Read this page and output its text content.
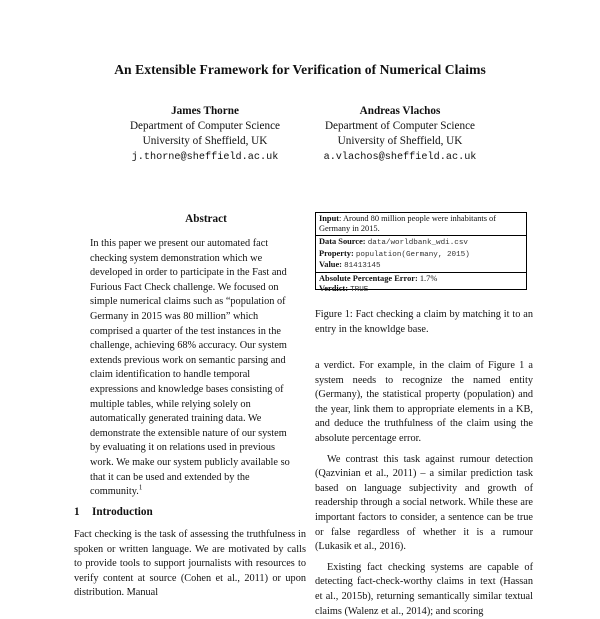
An Extensible Framework for Verification of Numerical Claims
James Thorne
Department of Computer Science
University of Sheffield, UK
j.thorne@sheffield.ac.uk
Andreas Vlachos
Department of Computer Science
University of Sheffield, UK
a.vlachos@sheffield.ac.uk
Abstract
In this paper we present our automated fact checking system demonstration which we developed in order to participate in the Fast and Furious Fact Check challenge. We focused on simple numerical claims such as “population of Germany in 2015 was 80 million” which comprised a quarter of the test instances in the challenge, achieving 68% accuracy. Our system extends previous work on semantic parsing and claim identification to handle temporal expressions and knowledge bases consisting of multiple tables, while relying solely on automatically generated training data. We demonstrate the extensible nature of our system by evaluating it on relations used in previous work. We make our system publicly available so that it can be used and extended by the community.$^1$
1 Introduction
Fact checking is the task of assessing the truthfulness in spoken or written language. We are motivated by calls to provide tools to support journalists with resources to verify content at source (Cohen et al., 2011) or upon distribution. Manual
Input: Around 80 million people were inhabitants of Germany in 2015.
Data Source: data/worldbank_wdi.csv
Property: population(Germany, 2015)
Value: 81413145
Absolute Percentage Error: 1.7%
Verdict: TRUE
Figure 1: Fact checking a claim by matching it to an entry in the knowldge base.

a verdict. For example, in the claim of Figure 1 a system needs to recognize the named entity (Germany), the statistical property (population) and the year, link them to appropriate elements in a KB, and deduce the truthfulness of the claim using the absolute percentage error.

We contrast this task against rumour detection (Qazvinian et al., 2011) – a similar prediction task based on language subjectivity and growth of readership through a social network. While these are important factors to consider, a sentence can be true or false regardless of whether it is a rumour (Lukasik et al., 2016).

Existing fact checking systems are capable of detecting fact-check-worthy claims in text (Hassan et al., 2015b), returning semantically similar textual claims (Walenz et al., 2014); and scoring
